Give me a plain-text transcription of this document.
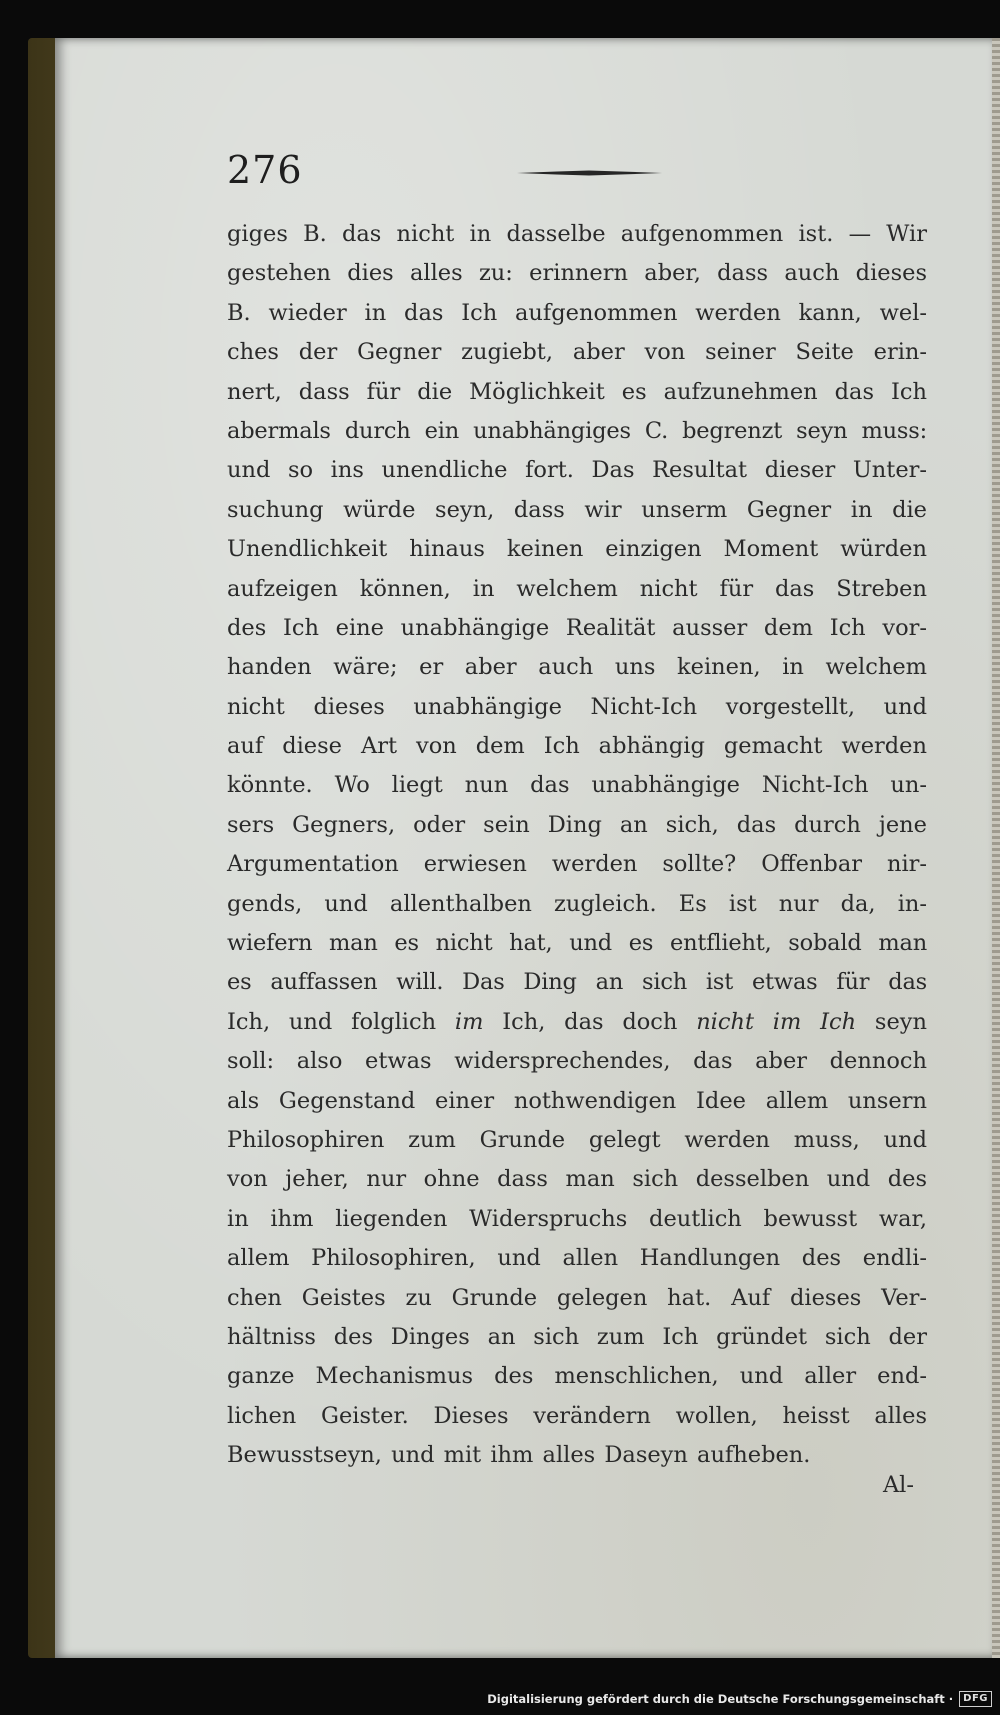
276
giges B. das nicht in dasselbe aufgenommen ist. — Wir
gestehen dies alles zu: erinnern aber, dass auch dieses
B. wieder in das Ich aufgenommen werden kann, wel-
ches der Gegner zugiebt, aber von seiner Seite erin-
nert, dass für die Möglichkeit es aufzunehmen das Ich
abermals durch ein unabhängiges C. begrenzt seyn muss:
und so ins unendliche fort. Das Resultat dieser Unter-
suchung würde seyn, dass wir unserm Gegner in die
Unendlichkeit hinaus keinen einzigen Moment würden
aufzeigen können, in welchem nicht für das Streben
des Ich eine unabhängige Realität ausser dem Ich vor-
handen wäre; er aber auch uns keinen, in welchem
nicht dieses unabhängige Nicht-Ich vorgestellt, und
auf diese Art von dem Ich abhängig gemacht werden
könnte. Wo liegt nun das unabhängige Nicht-Ich un-
sers Gegners, oder sein Ding an sich, das durch jene
Argumentation erwiesen werden sollte? Offenbar nir-
gends, und allenthalben zugleich. Es ist nur da, in-
wiefern man es nicht hat, und es entflieht, sobald man
es auffassen will. Das Ding an sich ist etwas für das
Ich, und folglich im Ich, das doch nicht im Ich seyn
soll: also etwas widersprechendes, das aber dennoch
als Gegenstand einer nothwendigen Idee allem unsern
Philosophiren zum Grunde gelegt werden muss, und
von jeher, nur ohne dass man sich desselben und des
in ihm liegenden Widerspruchs deutlich bewusst war,
allem Philosophiren, und allen Handlungen des endli-
chen Geistes zu Grunde gelegen hat. Auf dieses Ver-
hältniss des Dinges an sich zum Ich gründet sich der
ganze Mechanismus des menschlichen, und aller end-
lichen Geister. Dieses verändern wollen, heisst alles
Bewusstseyn, und mit ihm alles Daseyn aufheben.
Al-
Digitalisierung gefördert durch die Deutsche Forschungsgemeinschaft ·	DFG
